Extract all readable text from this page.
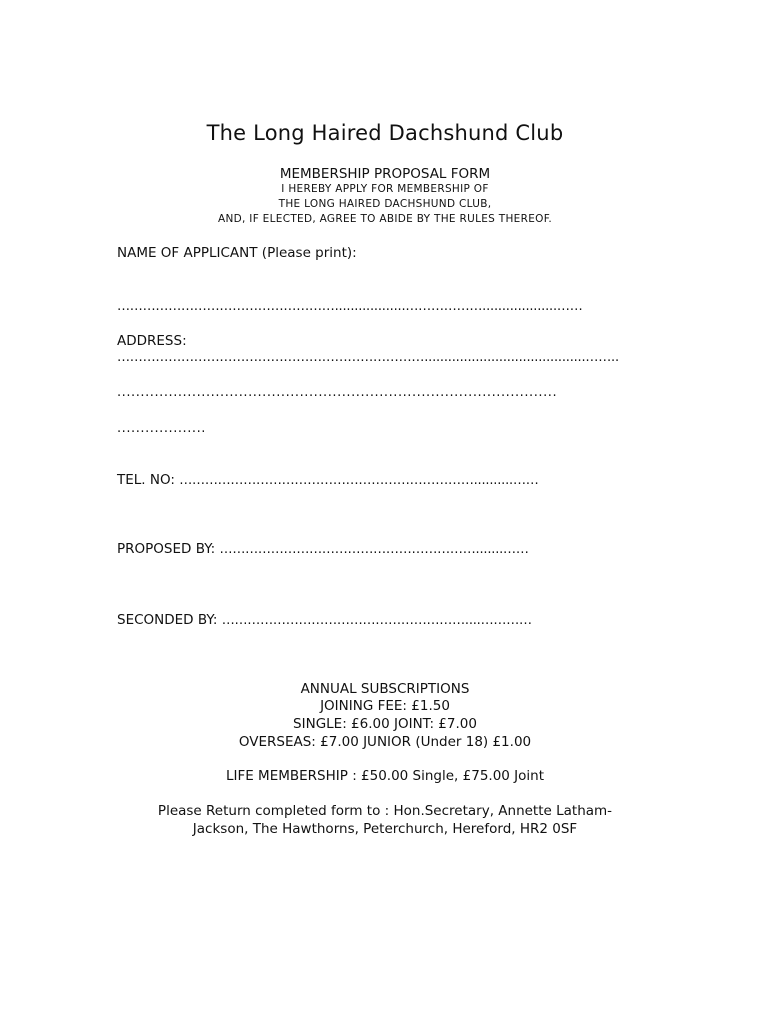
The Long Haired Dachshund Club
MEMBERSHIP PROPOSAL FORM
I HEREBY APPLY FOR MEMBERSHIP OF
THE LONG HAIRED DACHSHUND CLUB,
AND, IF ELECTED, AGREE TO ABIDE BY THE RULES THEREOF.
NAME OF APPLICANT (Please print):
……………………………………………..................………………...................……
ADDRESS:
……………………………………………………………….........................................……..
..............................................................................................
...................
TEL. NO: ……………………………………………………………..........……
PROPOSED BY: …………………………………………………….......……
SECONDED BY: …………………………………………………....…………
ANNUAL SUBSCRIPTIONS
JOINING FEE: £1.50
SINGLE: £6.00 JOINT: £7.00
OVERSEAS: £7.00 JUNIOR (Under 18) £1.00
LIFE MEMBERSHIP : £50.00 Single, £75.00 Joint
Please Return completed form to : Hon.Secretary, Annette Latham-
Jackson, The Hawthorns, Peterchurch, Hereford, HR2 0SF
